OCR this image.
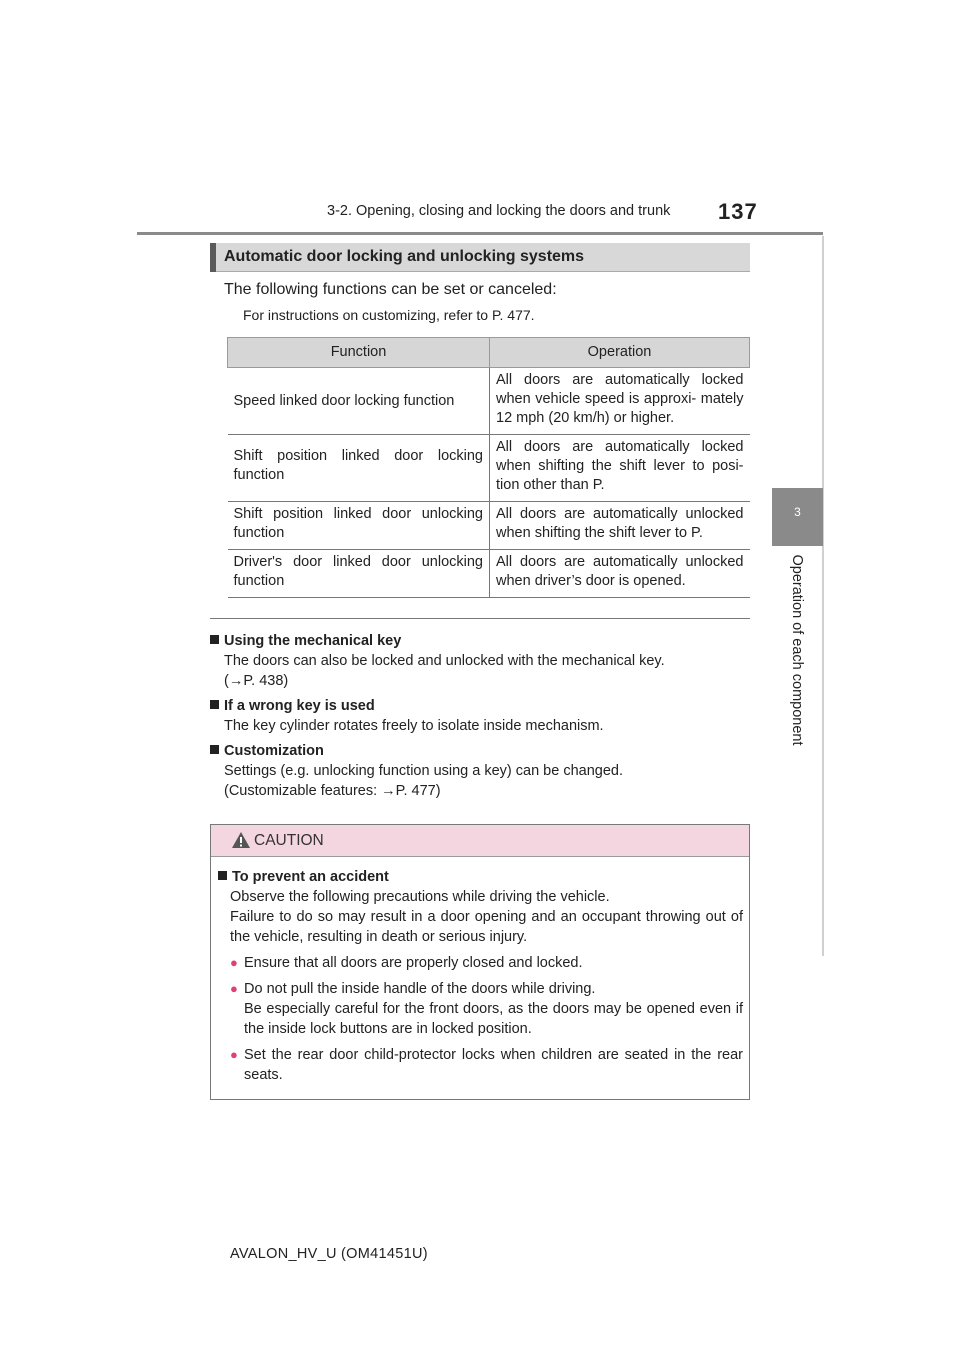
3-2. Opening, closing and locking the doors and trunk 137
3
Operation of each component
Automatic door locking and unlocking systems
The following functions can be set or canceled:
For instructions on customizing, refer to P. 477.
Function	Operation
Speed linked door locking function	All doors are automatically locked when vehicle speed is approxi- mately 12 mph (20 km/h) or higher.
Shift position linked door locking function	All doors are automatically locked when shifting the shift lever to posi- tion other than P.
Shift position linked door unlocking function	All doors are automatically unlocked when shifting the shift lever to P.
Driver's door linked door unlocking function	All doors are automatically unlocked when driver’s door is opened.
Using the mechanical key
The doors can also be locked and unlocked with the mechanical key.
(→P. 438)
If a wrong key is used
The key cylinder rotates freely to isolate inside mechanism.
Customization
Settings (e.g. unlocking function using a key) can be changed.
(Customizable features: →P. 477)
CAUTION
To prevent an accident
Observe the following precautions while driving the vehicle.
Failure to do so may result in a door opening and an occupant throwing out of the vehicle, resulting in death or serious injury.
● Ensure that all doors are properly closed and locked.
● Do not pull the inside handle of the doors while driving.
Be especially careful for the front doors, as the doors may be opened even if the inside lock buttons are in locked position.
● Set the rear door child-protector locks when children are seated in the rear seats.
AVALON_HV_U (OM41451U)
